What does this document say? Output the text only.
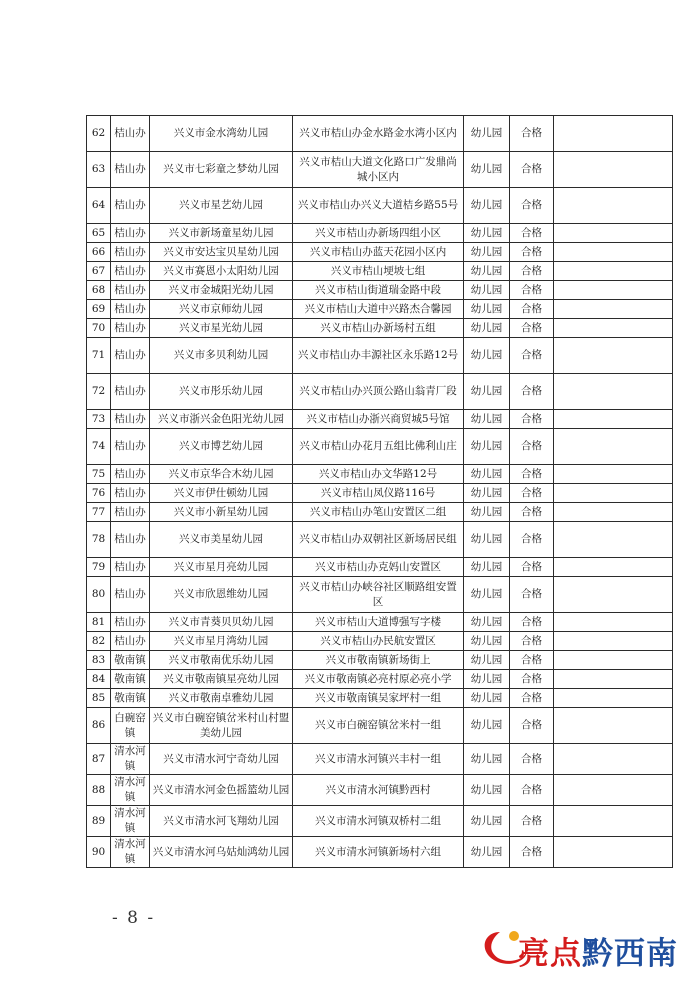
62	桔山办	兴义市金水湾幼儿园	兴义市桔山办金水路金水湾小区内	幼儿园	合格	
63	桔山办	兴义市七彩童之梦幼儿园	兴义市桔山大道文化路口广发鼎尚城小区内	幼儿园	合格	
64	桔山办	兴义市星艺幼儿园	兴义市桔山办兴义大道桔乡路55号	幼儿园	合格	
65	桔山办	兴义市新场童星幼儿园	兴义市桔山办新场四组小区	幼儿园	合格	
66	桔山办	兴义市安达宝贝星幼儿园	兴义市桔山办蓝天花园小区内	幼儿园	合格	
67	桔山办	兴义市赛恩小太阳幼儿园	兴义市桔山埂坡七组	幼儿园	合格	
68	桔山办	兴义市金城阳光幼儿园	兴义市桔山街道瑞金路中段	幼儿园	合格	
69	桔山办	兴义市京师幼儿园	兴义市桔山大道中兴路杰合馨园	幼儿园	合格	
70	桔山办	兴义市星光幼儿园	兴义市桔山办新场村五组	幼儿园	合格	
71	桔山办	兴义市多贝利幼儿园	兴义市桔山办丰源社区永乐路12号	幼儿园	合格	
72	桔山办	兴义市彤乐幼儿园	兴义市桔山办兴顶公路山翁青厂段	幼儿园	合格	
73	桔山办	兴义市浙兴金色阳光幼儿园	兴义市桔山办浙兴商贸城5号馆	幼儿园	合格	
74	桔山办	兴义市博艺幼儿园	兴义市桔山办花月五组比佛利山庄	幼儿园	合格	
75	桔山办	兴义市京华合木幼儿园	兴义市桔山办文华路12号	幼儿园	合格	
76	桔山办	兴义市伊仕顿幼儿园	兴义市桔山凤仪路116号	幼儿园	合格	
77	桔山办	兴义市小新星幼儿园	兴义市桔山办笔山安置区二组	幼儿园	合格	
78	桔山办	兴义市美星幼儿园	兴义市桔山办双朝社区新场居民组	幼儿园	合格	
79	桔山办	兴义市星月亮幼儿园	兴义市桔山办克妈山安置区	幼儿园	合格	
80	桔山办	兴义市欣恩维幼儿园	兴义市桔山办峡谷社区顺路组安置区	幼儿园	合格	
81	桔山办	兴义市青葵贝贝幼儿园	兴义市桔山大道博强写字楼	幼儿园	合格	
82	桔山办	兴义市星月湾幼儿园	兴义市桔山办民航安置区	幼儿园	合格	
83	敬南镇	兴义市敬南优乐幼儿园	兴义市敬南镇新场街上	幼儿园	合格	
84	敬南镇	兴义市敬南镇星亮幼儿园	兴义市敬南镇必亮村原必亮小学	幼儿园	合格	
85	敬南镇	兴义市敬南卓雅幼儿园	兴义市敬南镇吴家坪村一组	幼儿园	合格	
86	白碗窑镇	兴义市白碗窑镇岔米村山村盟美幼儿园	兴义市白碗窑镇岔米村一组	幼儿园	合格	
87	清水河镇	兴义市清水河宁奇幼儿园	兴义市清水河镇兴丰村一组	幼儿园	合格	
88	清水河镇	兴义市清水河金色摇篮幼儿园	兴义市清水河镇黔西村	幼儿园	合格	
89	清水河镇	兴义市清水河飞翔幼儿园	兴义市清水河镇双桥村二组	幼儿园	合格	
90	清水河镇	兴义市清水河乌姑灿鸿幼儿园	兴义市清水河镇新场村六组	幼儿园	合格	
- 8 -
亮点黔西南
